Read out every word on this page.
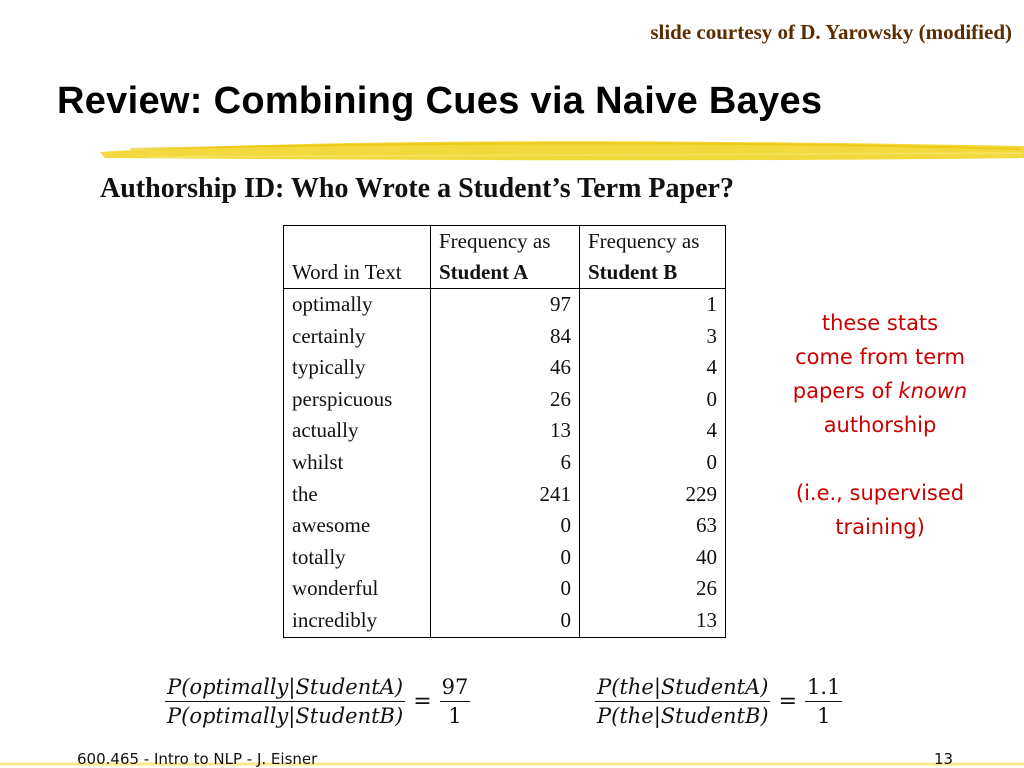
slide courtesy of D. Yarowsky (modified)
Review: Combining Cues via Naive Bayes
Authorship ID: Who Wrote a Student’s Term Paper?
	Frequency as	Frequency as
Word in Text	Student A	Student B
optimally	97	1
certainly	84	3
typically	46	4
perspicuous	26	0
actually	13	4
whilst	6	0
the	241	229
awesome	0	63
totally	0	40
wonderful	0	26
incredibly	0	13
these stats
come from term
papers of known
authorship
(i.e., supervised
training)
$\frac{\text{P(optimally|StudentA)}}{\text{P(optimally|StudentB)}} = \frac{97}{1}$	$\frac{\text{P(the|StudentA)}}{\text{P(the|StudentB)}} = \frac{1.1}{1}$
600.465 - Intro to NLP - J. Eisner	13
